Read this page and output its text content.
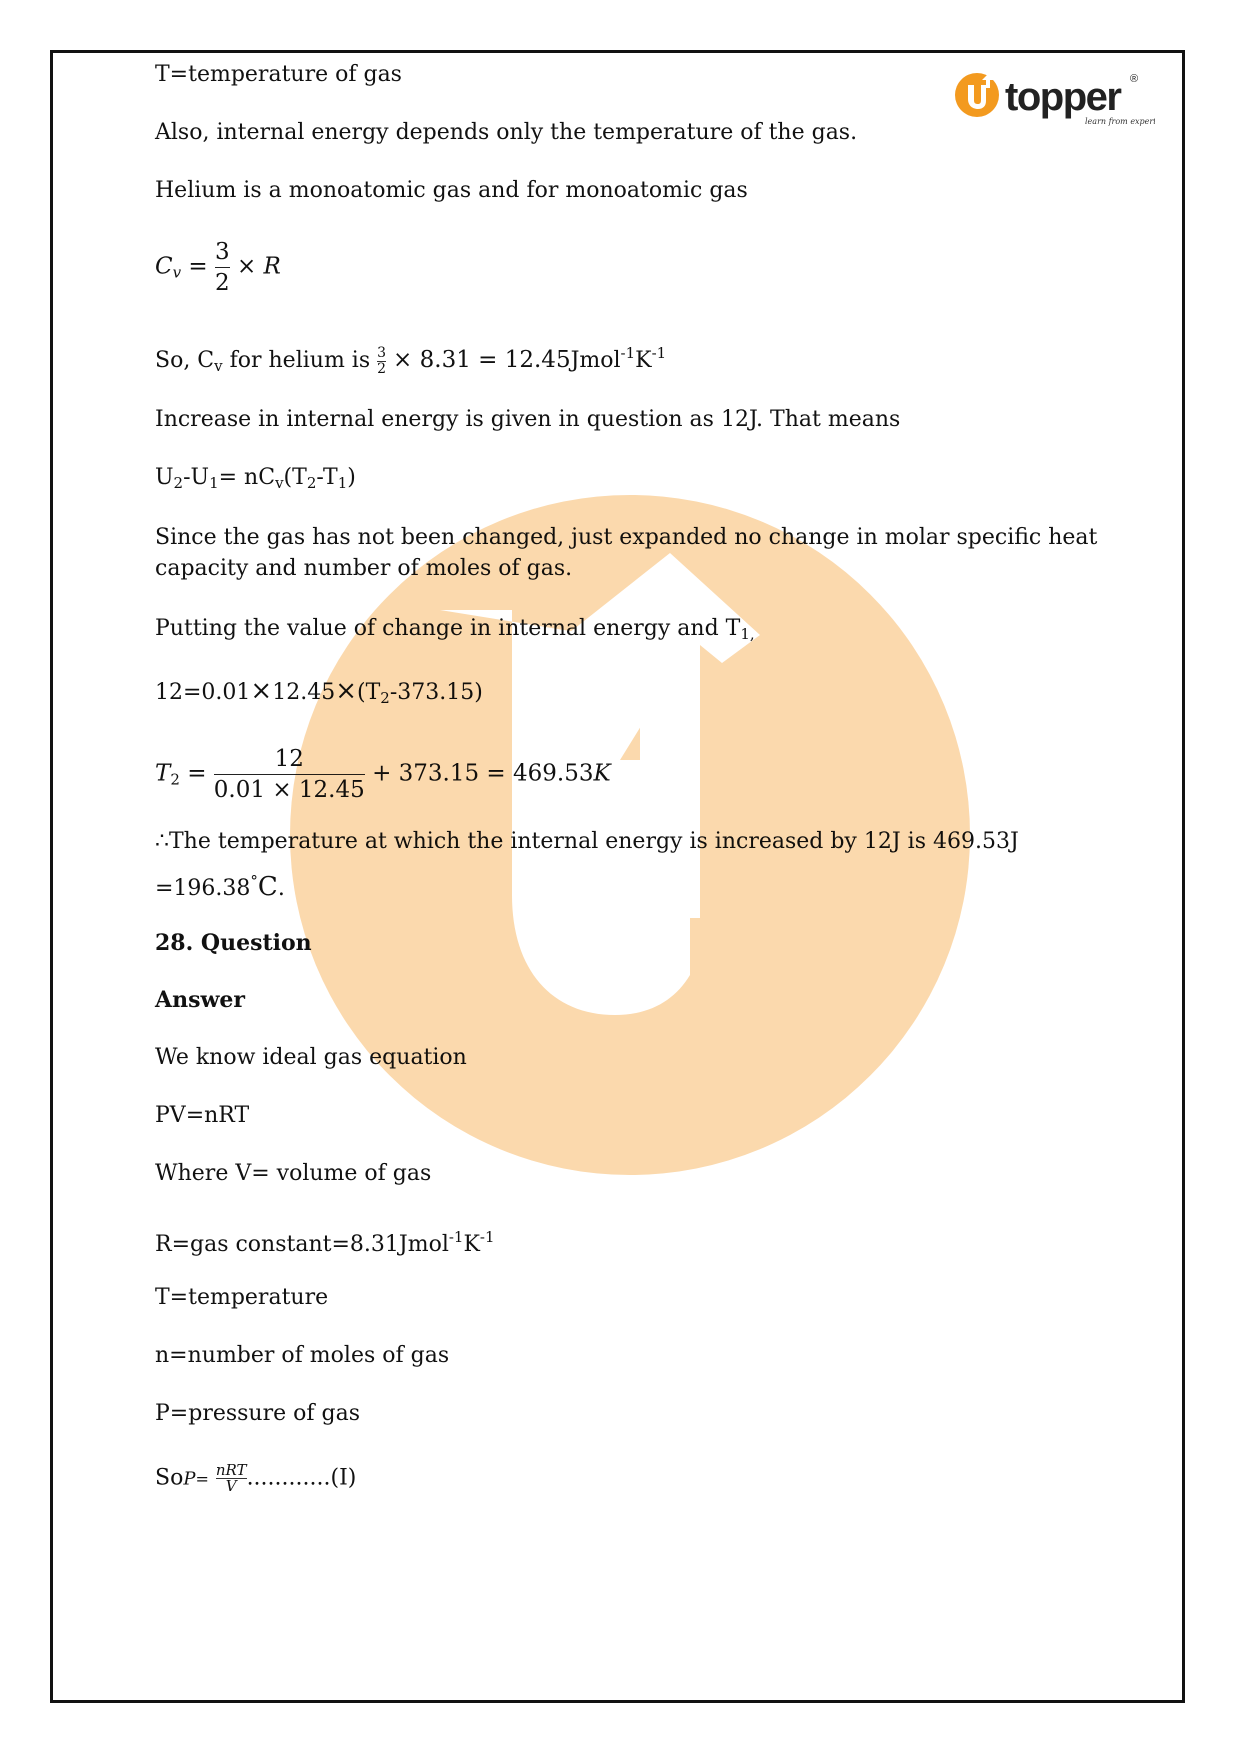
topper ®
learn from experts
T=temperature of gas
Also, internal energy depends only the temperature of the gas.
Helium is a monoatomic gas and for monoatomic gas
$C_v = \frac{3}{2} \times R$
So, $C_v$ for helium is $\frac{3}{2} \times 8.31$ = $12.45Jmol^{-1}K^{-1}$
Increase in internal energy is given in question as 12J. That means
$U_2-U_1= nC_v(T_2-T_1)$
Since the gas has not been changed, just expanded no change in molar specific heat
capacity and number of moles of gas.
Putting the value of change in internal energy and $T_{1,}$
$12=0.01\times 12.45\times(T_2-373.15)$
$T_2 = \frac{12}{0.01 \times 12.45} + 373.15 = 469.53K$
∴The temperature at which the internal energy is increased by 12J is 469.53J
=196.38°C.
28. Question
Answer
We know ideal gas equation
PV=nRT
Where V= volume of gas
R=gas $constant=8.31Jmol^{-1}K^{-1}$
T=temperature
n=number of moles of gas
P=pressure of gas
$SoP= \frac{\text{nRT}}{V} ............(I)$
